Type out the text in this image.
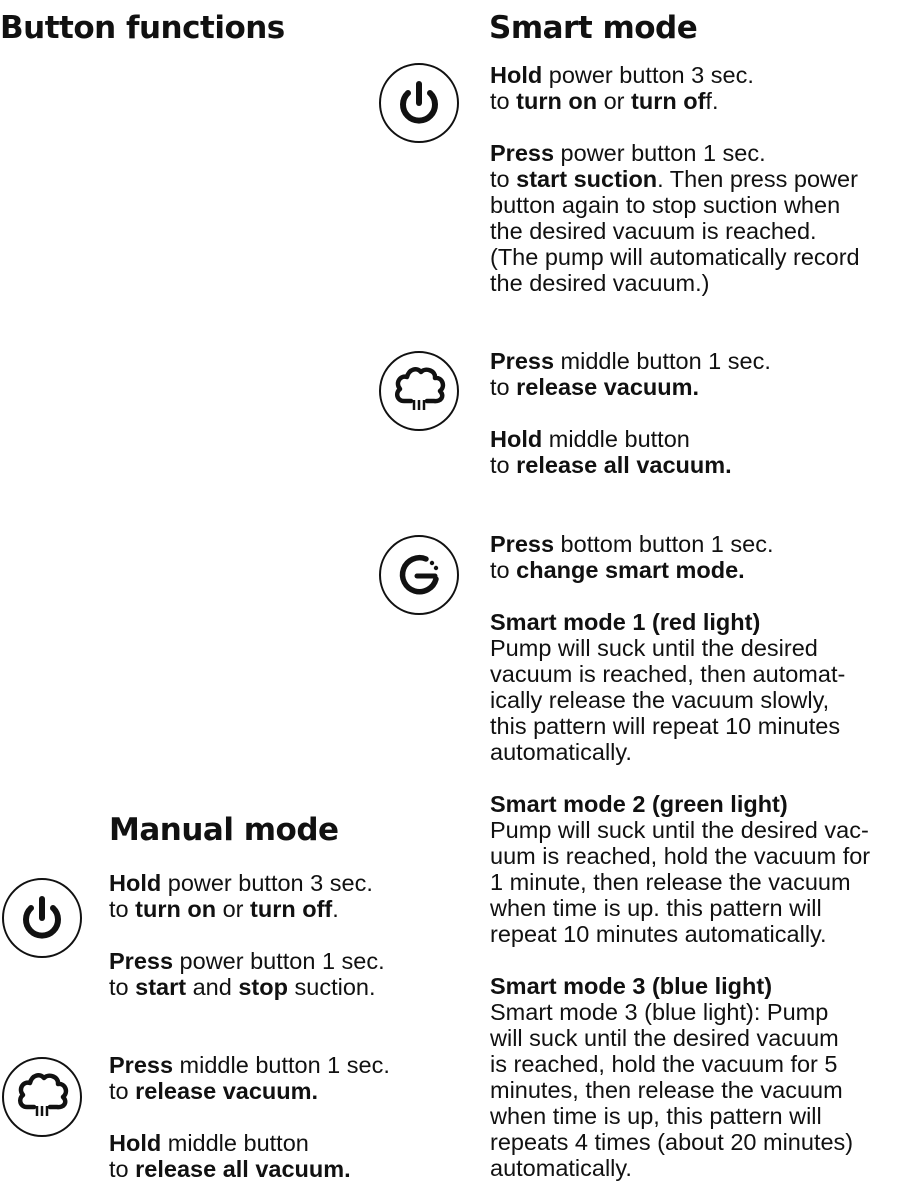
Button functions	Smart mode
Manual mode

Hold power button 3 sec.
to turn on or turn off.

Press power button 1 sec.
to start suction. Then press power
button again to stop suction when
the desired vacuum is reached.
(The pump will automatically record
the desired vacuum.)

Press middle button 1 sec.
to release vacuum.

Hold middle button
to release all vacuum.

Press bottom button 1 sec.
to change smart mode.

Smart mode 1 (red light)
Pump will suck until the desired
vacuum is reached, then automat-
ically release the vacuum slowly,
this pattern will repeat 10 minutes
automatically.

Smart mode 2 (green light)
Pump will suck until the desired vac-
uum is reached, hold the vacuum for
1 minute, then release the vacuum
when time is up. this pattern will
repeat 10 minutes automatically.

Smart mode 3 (blue light)
Smart mode 3 (blue light): Pump
will suck until the desired vacuum
is reached, hold the vacuum for 5
minutes, then release the vacuum
when time is up, this pattern will
repeats 4 times (about 20 minutes)
automatically.

Hold power button 3 sec.
to turn on or turn off.

Press power button 1 sec.
to start and stop suction.

Press middle button 1 sec.
to release vacuum.

Hold middle button
to release all vacuum.
